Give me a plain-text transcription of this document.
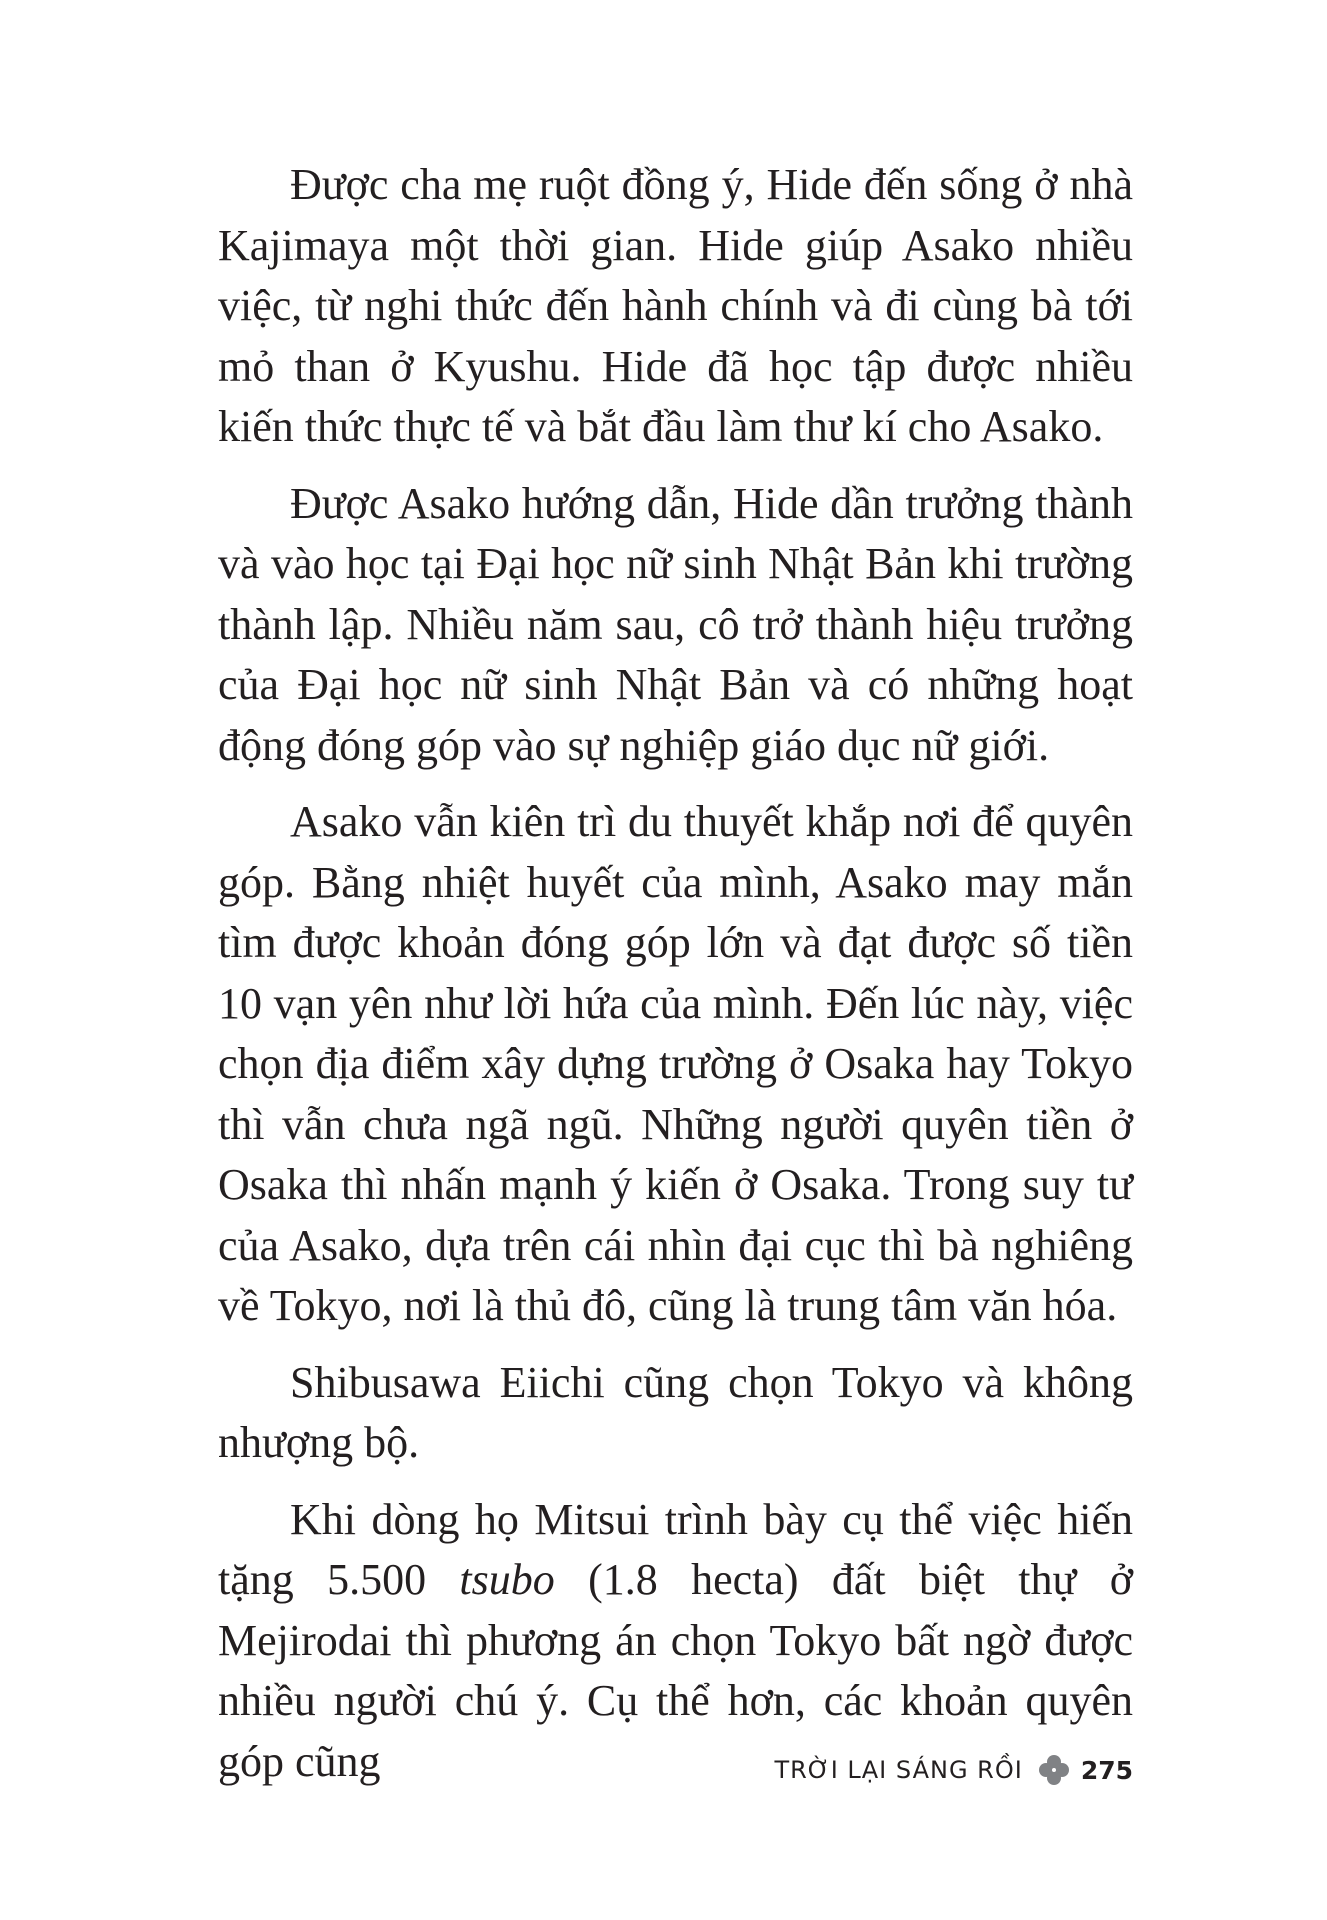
Được cha mẹ ruột đồng ý, Hide đến sống ở nhà Kajimaya một thời gian. Hide giúp Asako nhiều việc, từ nghi thức đến hành chính và đi cùng bà tới mỏ than ở Kyushu. Hide đã học tập được nhiều kiến thức thực tế và bắt đầu làm thư kí cho Asako.

Được Asako hướng dẫn, Hide dần trưởng thành và vào học tại Đại học nữ sinh Nhật Bản khi trường thành lập. Nhiều năm sau, cô trở thành hiệu trưởng của Đại học nữ sinh Nhật Bản và có những hoạt động đóng góp vào sự nghiệp giáo dục nữ giới.

Asako vẫn kiên trì du thuyết khắp nơi để quyên góp. Bằng nhiệt huyết của mình, Asako may mắn tìm được khoản đóng góp lớn và đạt được số tiền 10 vạn yên như lời hứa của mình. Đến lúc này, việc chọn địa điểm xây dựng trường ở Osaka hay Tokyo thì vẫn chưa ngã ngũ. Những người quyên tiền ở Osaka thì nhấn mạnh ý kiến ở Osaka. Trong suy tư của Asako, dựa trên cái nhìn đại cục thì bà nghiêng về Tokyo, nơi là thủ đô, cũng là trung tâm văn hóa.

Shibusawa Eiichi cũng chọn Tokyo và không nhượng bộ.

Khi dòng họ Mitsui trình bày cụ thể việc hiến tặng 5.500 tsubo (1.8 hecta) đất biệt thự ở Mejirodai thì phương án chọn Tokyo bất ngờ được nhiều người chú ý. Cụ thể hơn, các khoản quyên góp cũng	TRỜI LẠI SÁNG RỒI 275
